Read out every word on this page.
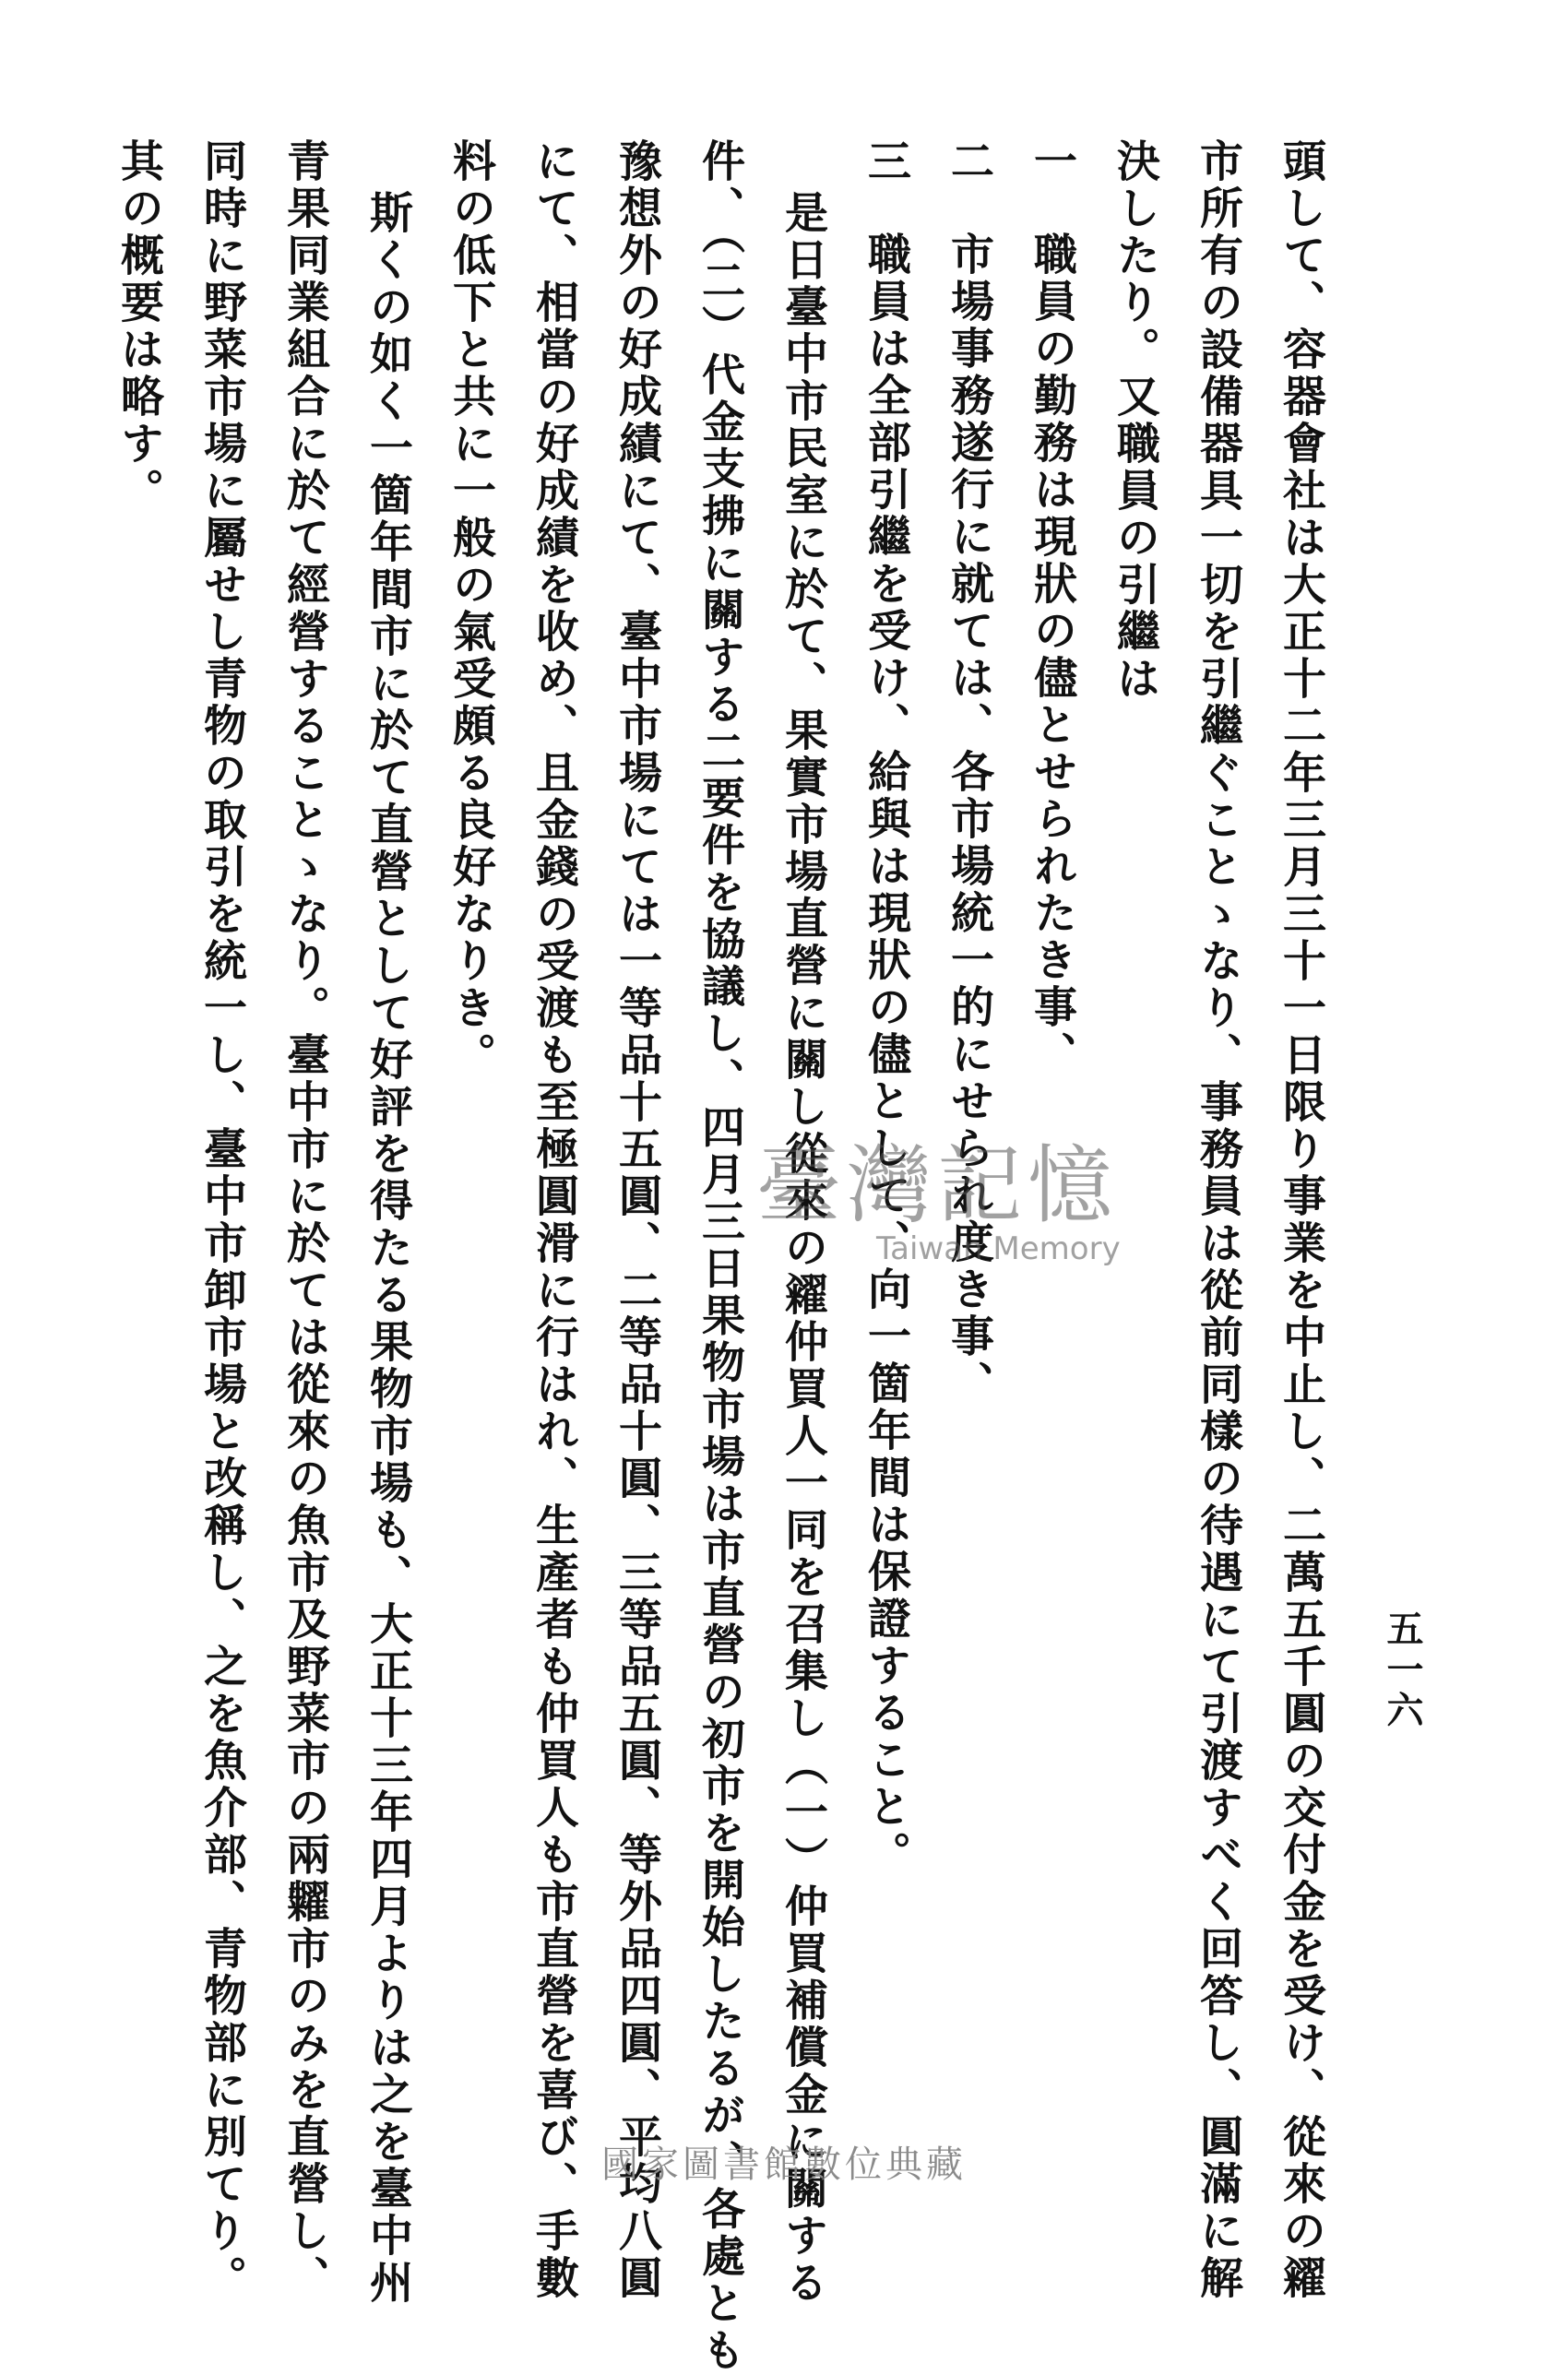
五一六
頭して、容器會社は大正十二年三月三十一日限り事業を中止し、二萬五千圓の交付金を受け、從來の糴
市所有の設備器具一切を引繼ぐことゝなり、事務員は從前同樣の待遇にて引渡すべく回答し、圓滿に解
決したり。又職員の引繼は
一職員の勤務は現狀の儘とせられたき事、
二市場事務遂行に就ては、各市場統一的にせられ度き事、
三職員は全部引繼を受け、給與は現狀の儘として、向一箇年間は保證すること。
是日臺中市民室に於て、果實市場直營に關し從來の糴仲買人一同を召集し（一）仲買補償金に關する
件、（二）代金支拂に關する二要件を協議し、四月三日果物市場は市直營の初市を開始したるが、各處とも
豫想外の好成績にて、臺中市場にては一等品十五圓、二等品十圓、三等品五圓、等外品四圓、平均八圓
にて、相當の好成績を收め、且金錢の受渡も至極圓滑に行はれ、生產者も仲買人も市直營を喜び、手數
料の低下と共に一般の氣受頗る良好なりき。
斯くの如く一箇年間市に於て直營として好評を得たる果物市場も、大正十三年四月よりは之を臺中州
青果同業組合に於て經營することゝなり。臺中市に於ては從來の魚市及野菜市の兩糶市のみを直營し、
同時に野菜市場に屬せし青物の取引を統一し、臺中市卸市場と改稱し、之を魚介部、青物部に別てり。
其の概要は略す。
臺灣記憶
Taiwan Memory
國家圖書館數位典藏
